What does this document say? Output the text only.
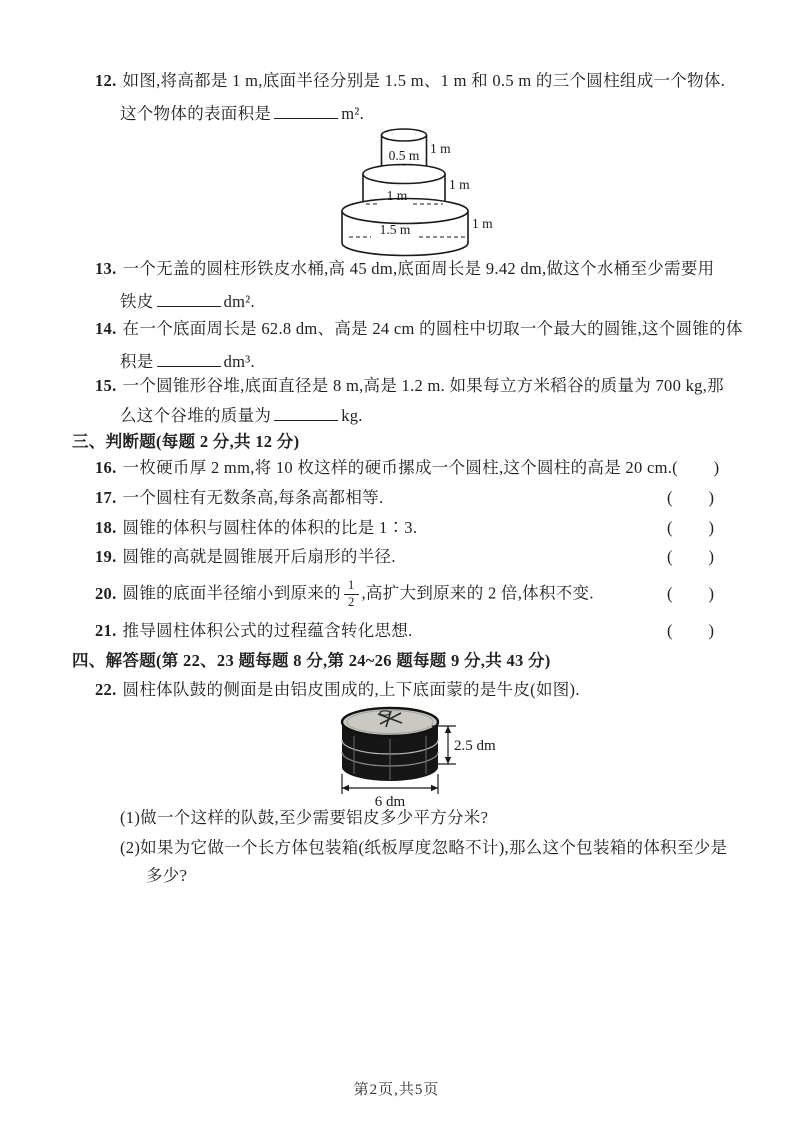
12. 如图,将高都是 1 m,底面半径分别是 1.5 m、1 m 和 0.5 m 的三个圆柱组成一个物体.
这个物体的表面积是	m².
0.5 m 1 m
1 m
1 m
1.5 m	1 m
13. 一个无盖的圆柱形铁皮水桶,高 45 dm,底面周长是 9.42 dm,做这个水桶至少需要用
铁皮	dm².
14. 在一个底面周长是 62.8 dm、高是 24 cm 的圆柱中切取一个最大的圆锥,这个圆锥的体
积是	dm³.
15. 一个圆锥形谷堆,底面直径是 8 m,高是 1.2 m. 如果每立方米稻谷的质量为 700 kg,那
么这个谷堆的质量为	kg.
三、判断题(每题 2 分,共 12 分)
16. 一枚硬币厚 2 mm,将 10 枚这样的硬币摞成一个圆柱,这个圆柱的高是 20 cm. (　　)
17. 一个圆柱有无数条高,每条高都相等.	(　　)
18. 圆锥的体积与圆柱体的体积的比是 1∶3.	(　　)
19. 圆锥的高就是圆锥展开后扇形的半径.	(　　)
20. 圆锥的底面半径缩小到原来的 $\frac{1}{2}$ ,高扩大到原来的 2 倍,体积不变.	(　　)
21. 推导圆柱体积公式的过程蕴含转化思想.	(　　)
四、解答题(第 22、23 题每题 8 分,第 24~26 题每题 9 分,共 43 分)
22. 圆柱体队鼓的侧面是由铝皮围成的,上下底面蒙的是牛皮(如图).
2.5 dm
6 dm
(1)做一个这样的队鼓,至少需要铝皮多少平方分米?
(2)如果为它做一个长方体包装箱(纸板厚度忽略不计),那么这个包装箱的体积至少是
多少?
第2页,共5页
